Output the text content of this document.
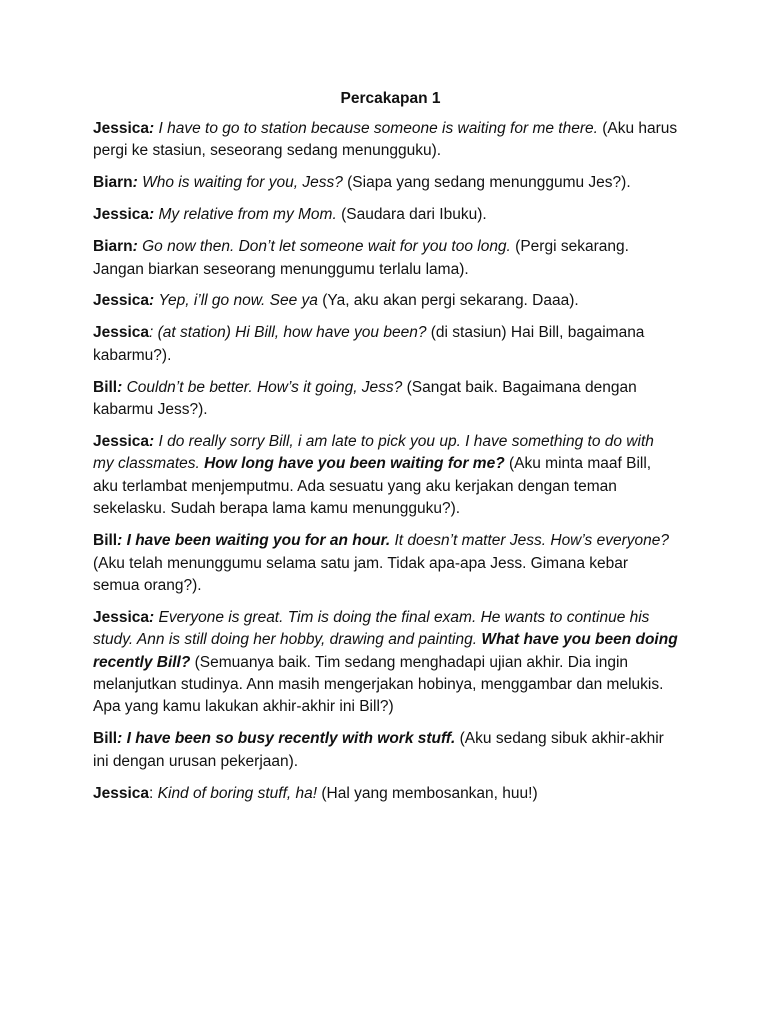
Percakapan 1
Jessica: I have to go to station because someone is waiting for me there. (Aku harus pergi ke stasiun, seseorang sedang menungguku).
Biarn: Who is waiting for you, Jess? (Siapa yang sedang menunggumu Jes?).
Jessica: My relative from my Mom. (Saudara dari Ibuku).
Biarn: Go now then. Don’t let someone wait for you too long. (Pergi sekarang. Jangan biarkan seseorang menunggumu terlalu lama).
Jessica: Yep, i’ll go now. See ya (Ya, aku akan pergi sekarang. Daaa).
Jessica: (at station) Hi Bill, how have you been? (di stasiun) Hai Bill, bagaimana kabarmu?).
Bill: Couldn’t be better. How’s it going, Jess? (Sangat baik. Bagaimana dengan kabarmu Jess?).
Jessica: I do really sorry Bill, i am late to pick you up. I have something to do with my classmates. How long have you been waiting for me? (Aku minta maaf Bill, aku terlambat menjemputmu. Ada sesuatu yang aku kerjakan dengan teman sekelasku. Sudah berapa lama kamu menungguku?).
Bill: I have been waiting you for an hour. It doesn’t matter Jess. How’s everyone? (Aku telah menunggumu selama satu jam. Tidak apa-apa Jess. Gimana kebar semua orang?).
Jessica: Everyone is great. Tim is doing the final exam. He wants to continue his study. Ann is still doing her hobby, drawing and painting. What have you been doing recently Bill? (Semuanya baik. Tim sedang menghadapi ujian akhir. Dia ingin melanjutkan studinya. Ann masih mengerjakan hobinya, menggambar dan melukis. Apa yang kamu lakukan akhir-akhir ini Bill?)
Bill: I have been so busy recently with work stuff. (Aku sedang sibuk akhir-akhir ini dengan urusan pekerjaan).
Jessica: Kind of boring stuff, ha! (Hal yang membosankan, huu!)
